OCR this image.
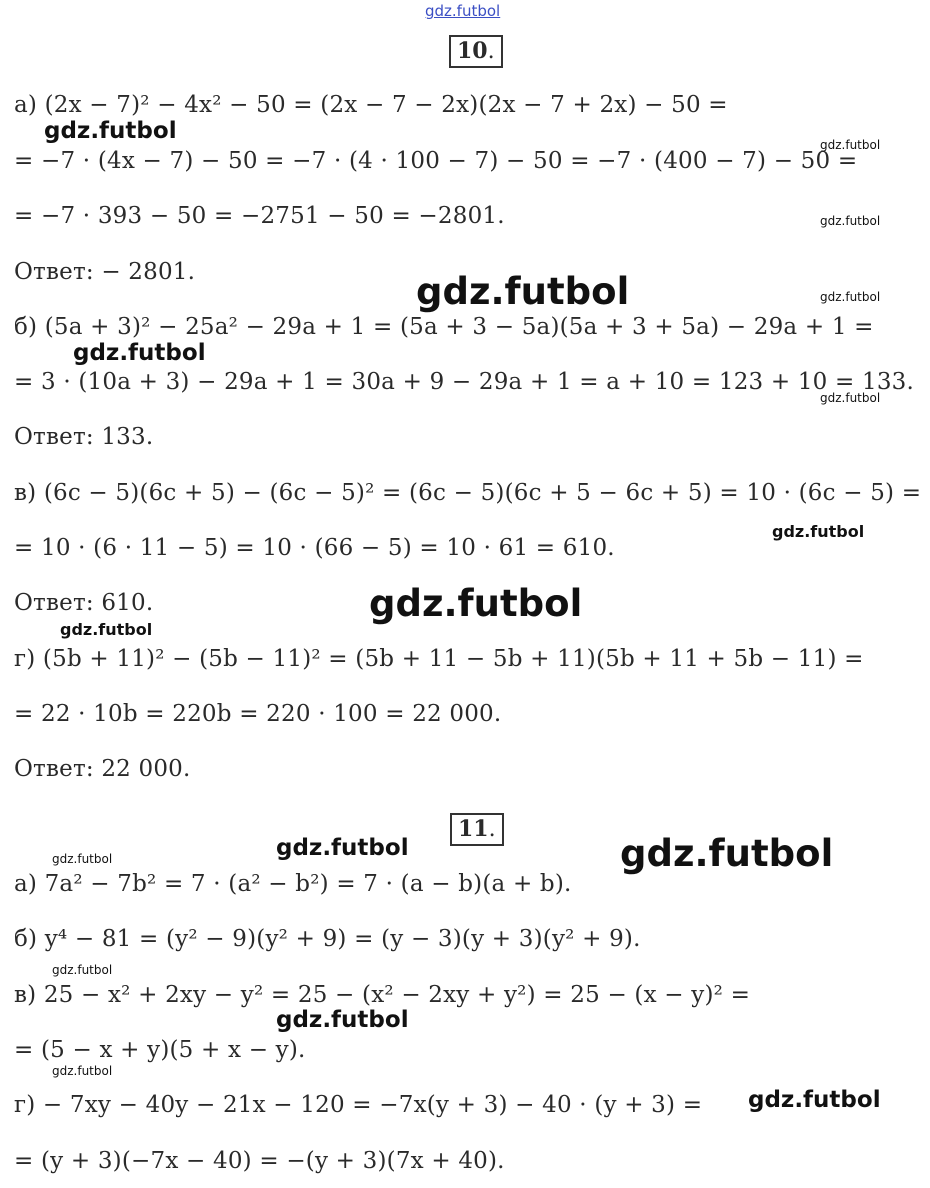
gdz.futbol
10.
а) (2x − 7)² − 4x² − 50 = (2x − 7 − 2x)(2x − 7 + 2x) − 50 =
= −7 · (4x − 7) − 50 = −7 · (4 · 100 − 7) − 50 = −7 · (400 − 7) − 50 =
= −7 · 393 − 50 = −2751 − 50 = −2801.
Ответ: − 2801.
б) (5a + 3)² − 25a² − 29a + 1 = (5a + 3 − 5a)(5a + 3 + 5a) − 29a + 1 =
= 3 · (10a + 3) − 29a + 1 = 30a + 9 − 29a + 1 = a + 10 = 123 + 10 = 133.
Ответ: 133.
в) (6c − 5)(6c + 5) − (6c − 5)² = (6c − 5)(6c + 5 − 6c + 5) = 10 · (6c − 5) =
= 10 · (6 · 11 − 5) = 10 · (66 − 5) = 10 · 61 = 610.
Ответ: 610.
г) (5b + 11)² − (5b − 11)² = (5b + 11 − 5b + 11)(5b + 11 + 5b − 11) =
= 22 · 10b = 220b = 220 · 100 = 22 000.
Ответ: 22 000.
11.
а) 7a² − 7b² = 7 · (a² − b²) = 7 · (a − b)(a + b).
б) y⁴ − 81 = (y² − 9)(y² + 9) = (y − 3)(y + 3)(y² + 9).
в) 25 − x² + 2xy − y² = 25 − (x² − 2xy + y²) = 25 − (x − y)² =
= (5 − x + y)(5 + x − y).
г) − 7xy − 40y − 21x − 120 = −7x(y + 3) − 40 · (y + 3) =
= (y + 3)(−7x − 40) = −(y + 3)(7x + 40).
gdz.futbol
gdz.futbol
gdz.futbol
gdz.futbol	gdz.futbol
gdz.futbol
gdz.futbol
gdz.futbol
gdz.futbol
gdz.futbol
gdz.futbol	gdz.futbol
gdz.futbol
gdz.futbol
gdz.futbol
gdz.futbol
gdz.futbol
